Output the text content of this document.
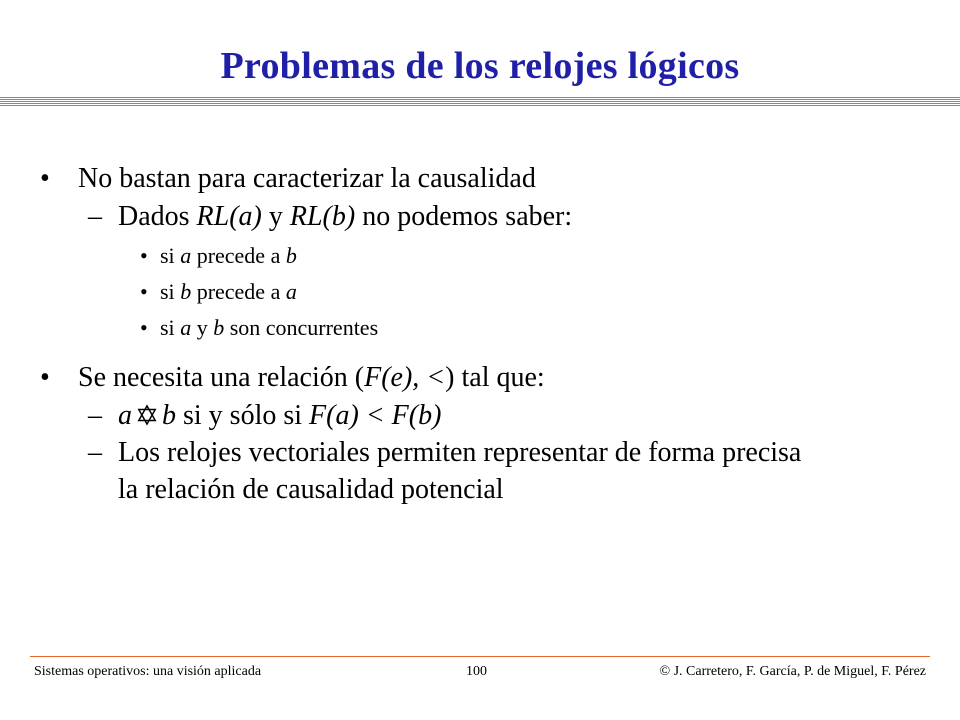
Problemas de los relojes lógicos
• No bastan para caracterizar la causalidad
– Dados RL(a) y RL(b) no podemos saber:
• si a precede a b
• si b precede a a
• si a y b son concurrentes
• Se necesita una relación (F(e), <) tal que:
– a b si y sólo si F(a) < F(b)
– Los relojes vectoriales permiten representar de forma precisa
la relación de causalidad potencial
Sistemas operativos: una visión aplicada	100	© J. Carretero, F. García, P. de Miguel, F. Pérez
